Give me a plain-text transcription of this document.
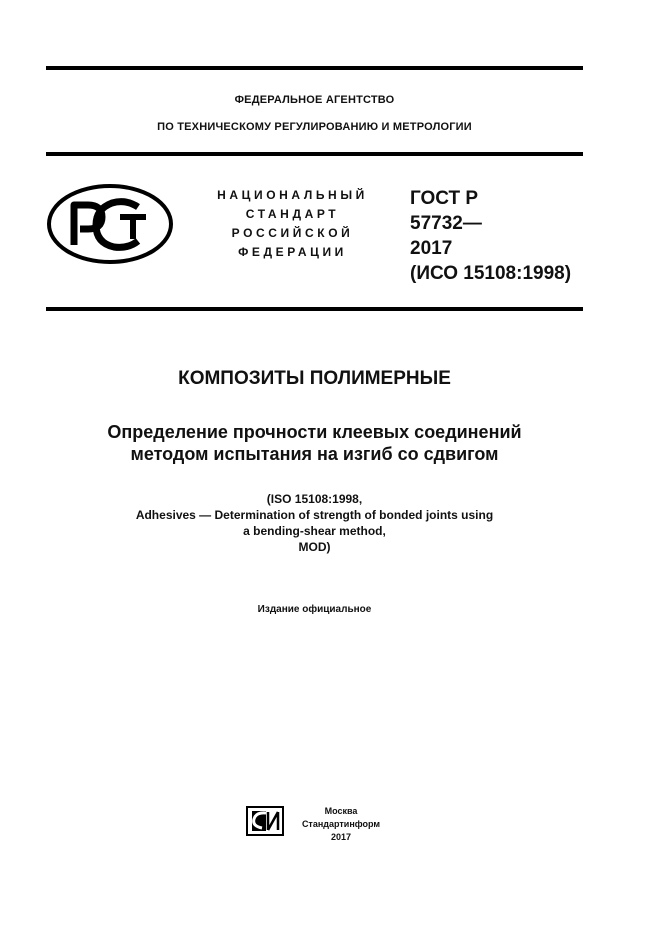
ФЕДЕРАЛЬНОЕ АГЕНТСТВО
ПО ТЕХНИЧЕСКОМУ РЕГУЛИРОВАНИЮ И МЕТРОЛОГИИ
НАЦИОНАЛЬНЫЙ
СТАНДАРТ
РОССИЙСКОЙ
ФЕДЕРАЦИИ
ГОСТ Р
57732—
2017
(ИСО 15108:1998)
КОМПОЗИТЫ ПОЛИМЕРНЫЕ
Определение прочности клеевых соединений
методом испытания на изгиб со сдвигом
(ISO 15108:1998,
Adhesives — Determination of strength of bonded joints using
a bending-shear method,
MOD)
Издание официальное
Москва
Стандартинформ
2017
